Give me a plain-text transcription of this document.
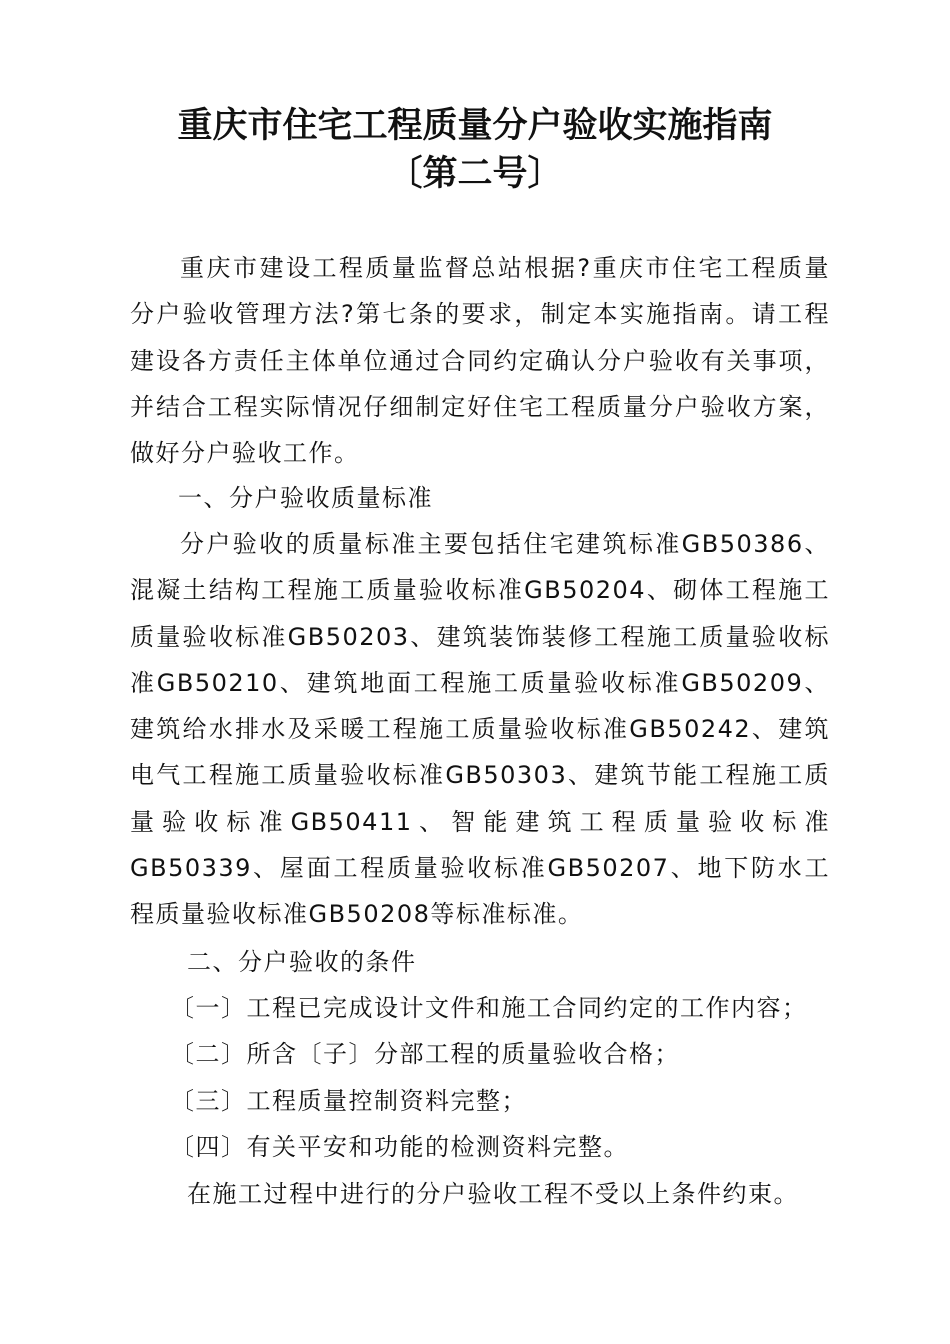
重庆市住宅工程质量分户验收实施指南
〔第二号〕

重庆市建设工程质量监督总站根据?重庆市住宅工程质量分户验收管理方法?第七条的要求，制定本实施指南。请工程建设各方责任主体单位通过合同约定确认分户验收有关事项，并结合工程实际情况仔细制定好住宅工程质量分户验收方案，做好分户验收工作。

一、分户验收质量标准

分户验收的质量标准主要包括住宅建筑标准GB50386、混凝土结构工程施工质量验收标准GB50204、砌体工程施工质量验收标准GB50203、建筑装饰装修工程施工质量验收标准GB50210、建筑地面工程施工质量验收标准GB50209、建筑给水排水及采暖工程施工质量验收标准GB50242、建筑电气工程施工质量验收标准GB50303、建筑节能工程施工质量验收标准GB50411、智能建筑工程质量验收标准GB50339、屋面工程质量验收标准GB50207、地下防水工程质量验收标准GB50208等标准标准。

二、分户验收的条件

〔一〕工程已完成设计文件和施工合同约定的工作内容；

〔二〕所含〔子〕分部工程的质量验收合格；

〔三〕工程质量控制资料完整；

〔四〕有关平安和功能的检测资料完整。

在施工过程中进行的分户验收工程不受以上条件约束。
